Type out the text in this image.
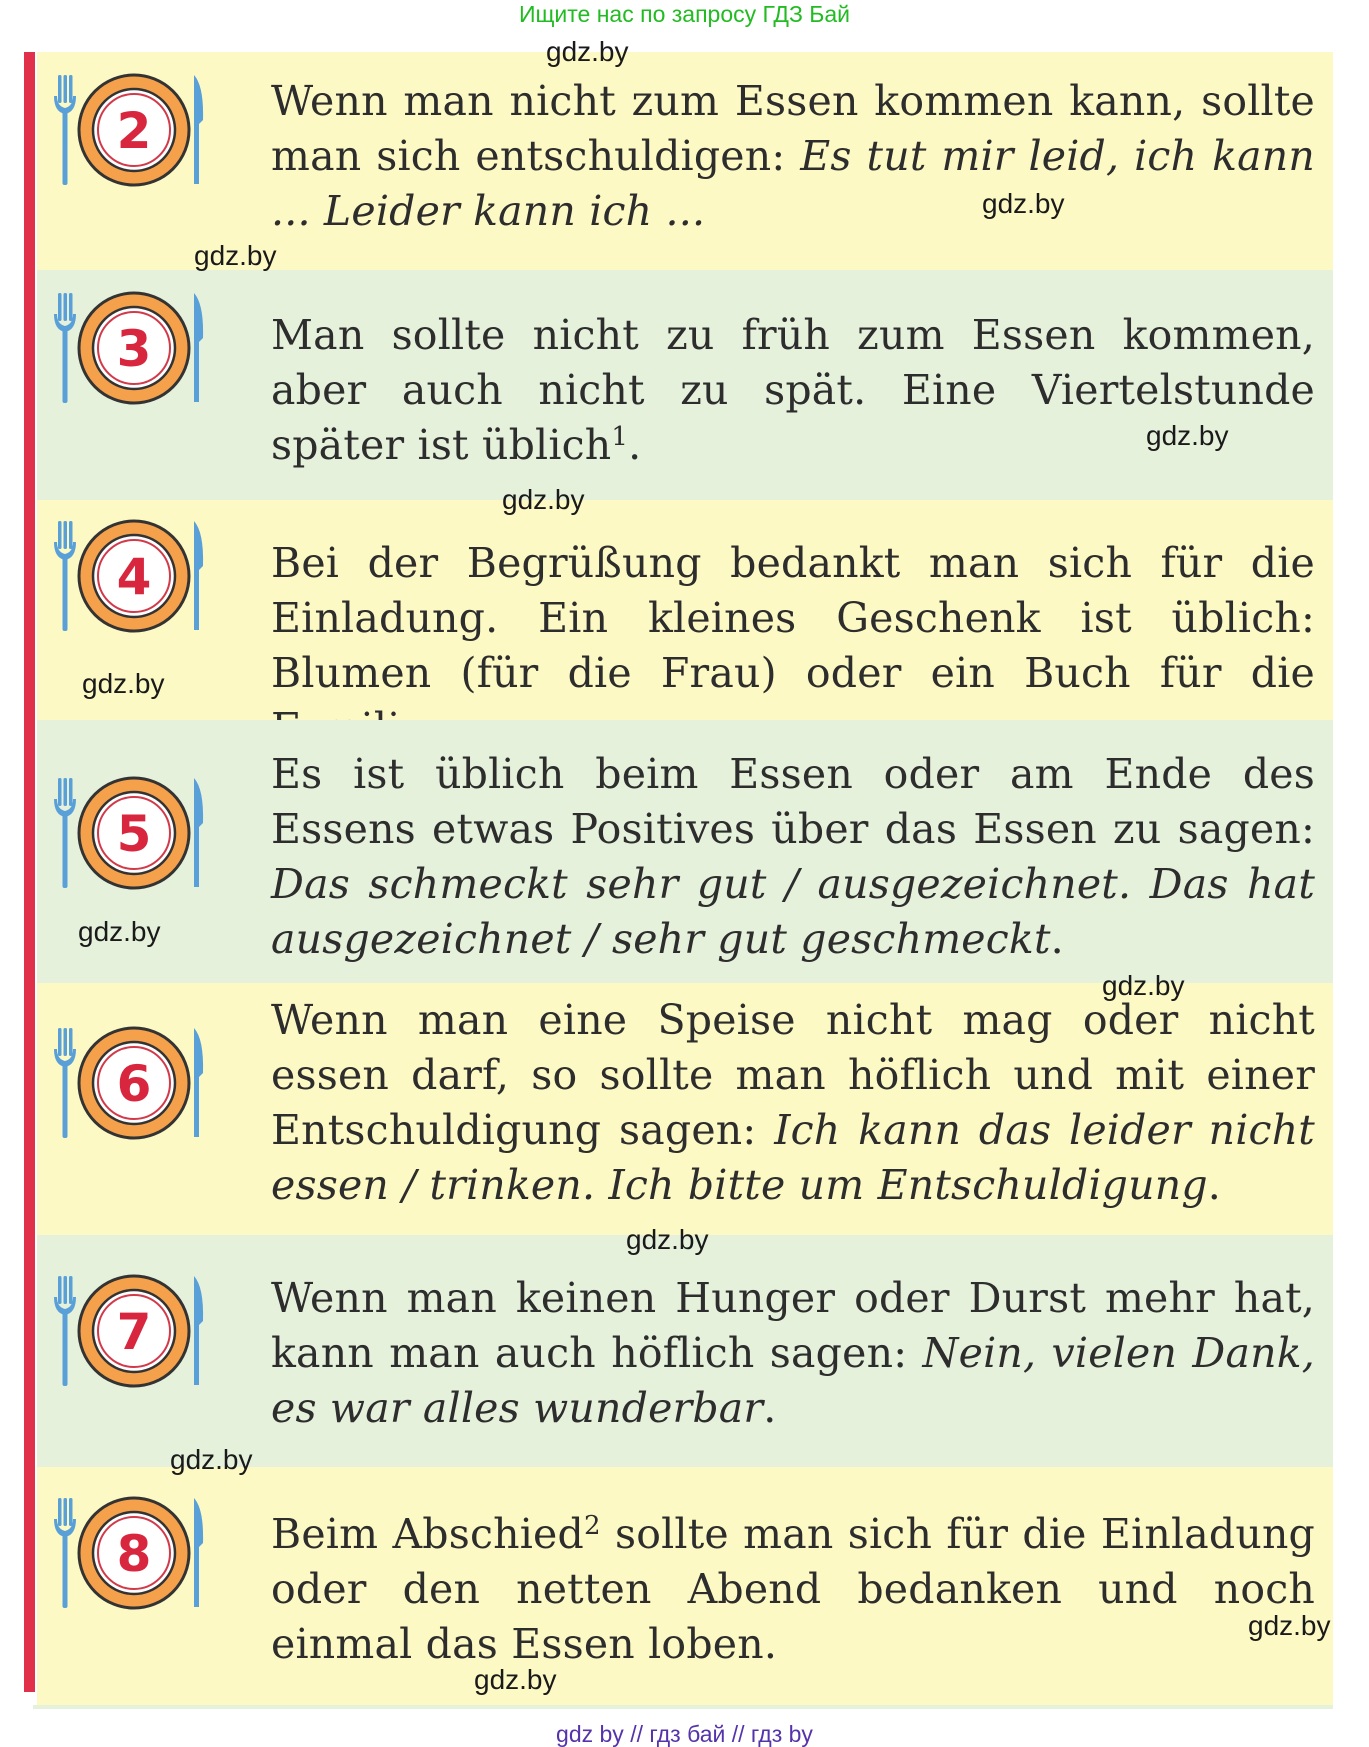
Ищите нас по запросу ГДЗ Бай
2
Wenn man nicht zum Essen kommen kann, sollte man sich entschuldigen: Es tut mir leid, ich kann ... Leider kann ich ...
3	Man sollte nicht zu früh zum Essen kommen, aber auch nicht zu spät. Eine Viertelstunde später ist üblich$^1$.
4	Bei der Begrüßung bedankt man sich für die Einladung. Ein kleines Geschenk ist üblich: Blumen (für die Frau) oder ein Buch für die
5
Es ist üblich beim Essen oder am Ende des Essens etwas Positives über das Essen zu sagen: Das schmeckt sehr gut / ausgezeichnet. Das hat ausgezeichnet / sehr gut geschmeckt.
6
Wenn man eine Speise nicht mag oder nicht essen darf, so sollte man höflich und mit einer Entschuldigung sagen: Ich kann das leider nicht essen / trinken. Ich bitte um Entschuldigung.
7
Wenn man keinen Hunger oder Durst mehr hat, kann man auch höflich sagen: Nein, vielen Dank, es war alles wunderbar.
8	Beim Abschied$^2$ sollte man sich für die Einladung oder den netten Abend bedanken und noch einmal das Essen loben.
gdz.by
gdz.by
gdz.by
gdz.by
gdz.by
gdz.by
gdz.by
gdz.by
gdz.by
gdz.by
gdz.by
gdz.by
gdz by // гдз бай // гдз by
